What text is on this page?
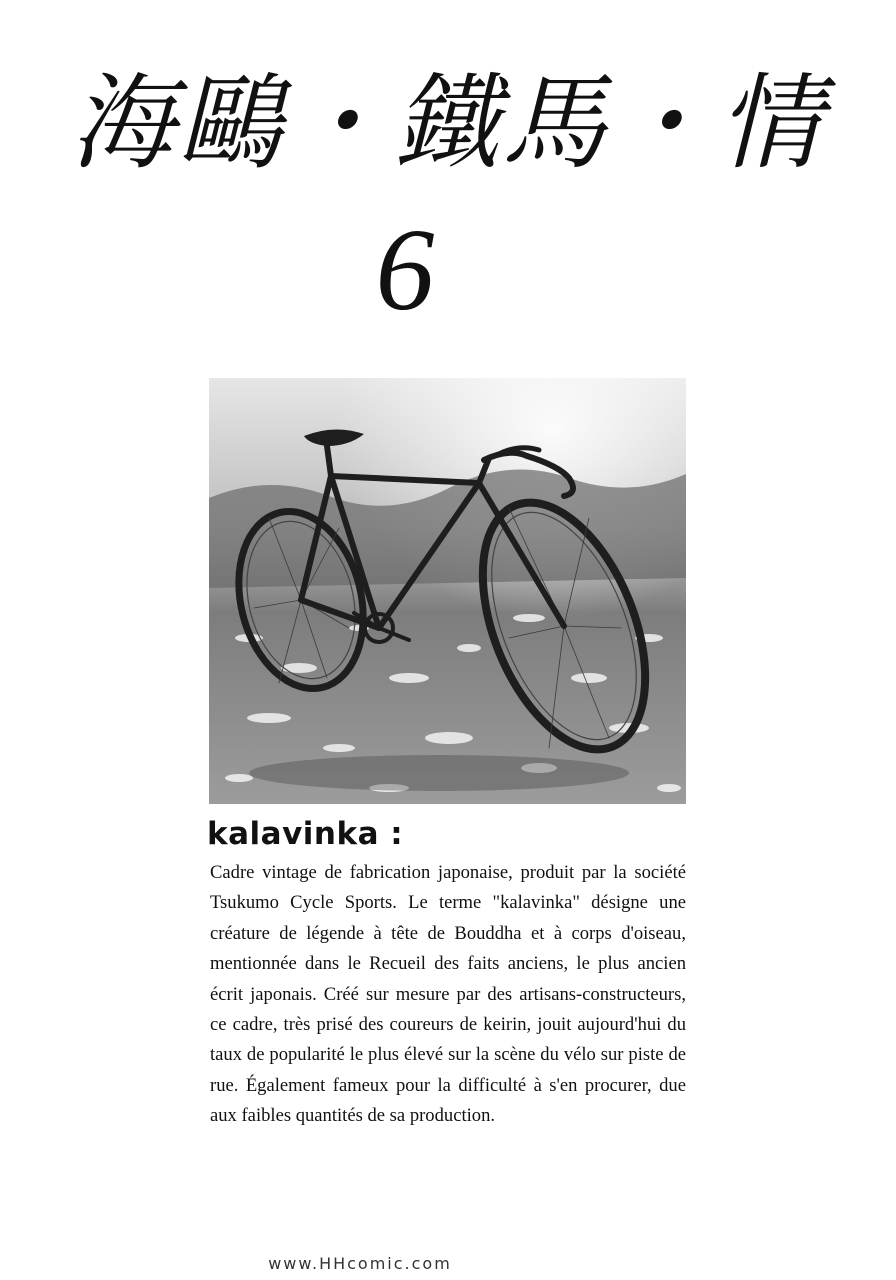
海鷗・鐵馬・情
6
kalavinka :

Cadre vintage de fabrication japonaise, produit par la société Tsukumo Cycle Sports. Le terme "kalavinka" désigne une créature de légende à tête de Bouddha et à corps d'oiseau, mentionnée dans le Recueil des faits anciens, le plus ancien écrit japonais. Créé sur mesure par des artisans-constructeurs, ce cadre, très prisé des coureurs de keirin, jouit aujourd'hui du taux de popularité le plus élevé sur la scène du vélo sur piste de rue. Également fameux pour la difficulté à s'en procurer, due aux faibles quantités de sa production.

www.HHcomic.com
